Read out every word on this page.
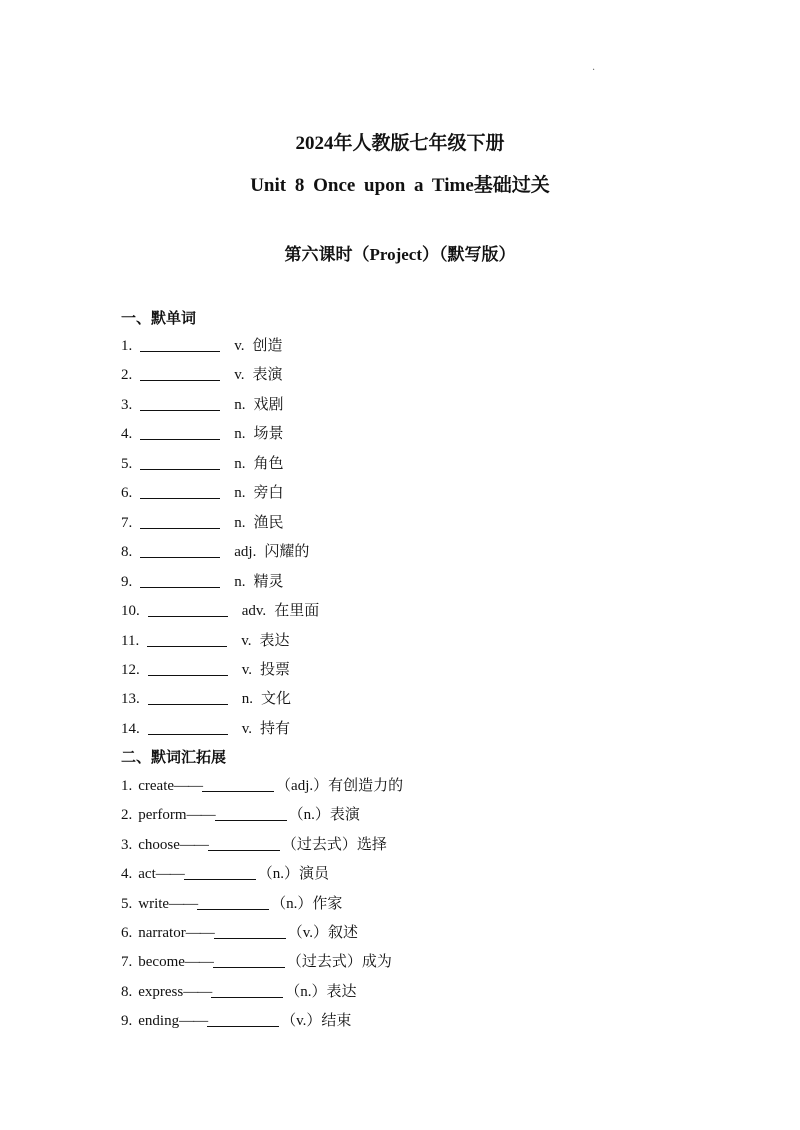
.
2024年人教版七年级下册
Unit 8 Once upon a Time基础过关
第六课时（Project）（默写版）
一、默单词
1.	v. 创造
2.	v. 表演
3.	n. 戏剧
4.	n. 场景
5.	n. 角色
6.	n. 旁白
7.	n. 渔民
8.	adj. 闪耀的
9.	n. 精灵
10.	adv. 在里面
11.	v. 表达
12.	v. 投票
13.	n. 文化
14.	v. 持有
二、默词汇拓展
1. create——	（adj.）有创造力的
2. perform——	（n.）表演
3. choose——	（过去式）选择
4. act——	（n.）演员
5. write——	（n.）作家
6. narrator——	（v.）叙述
7. become——	（过去式）成为
8. express——	（n.）表达
9. ending——	（v.）结束
